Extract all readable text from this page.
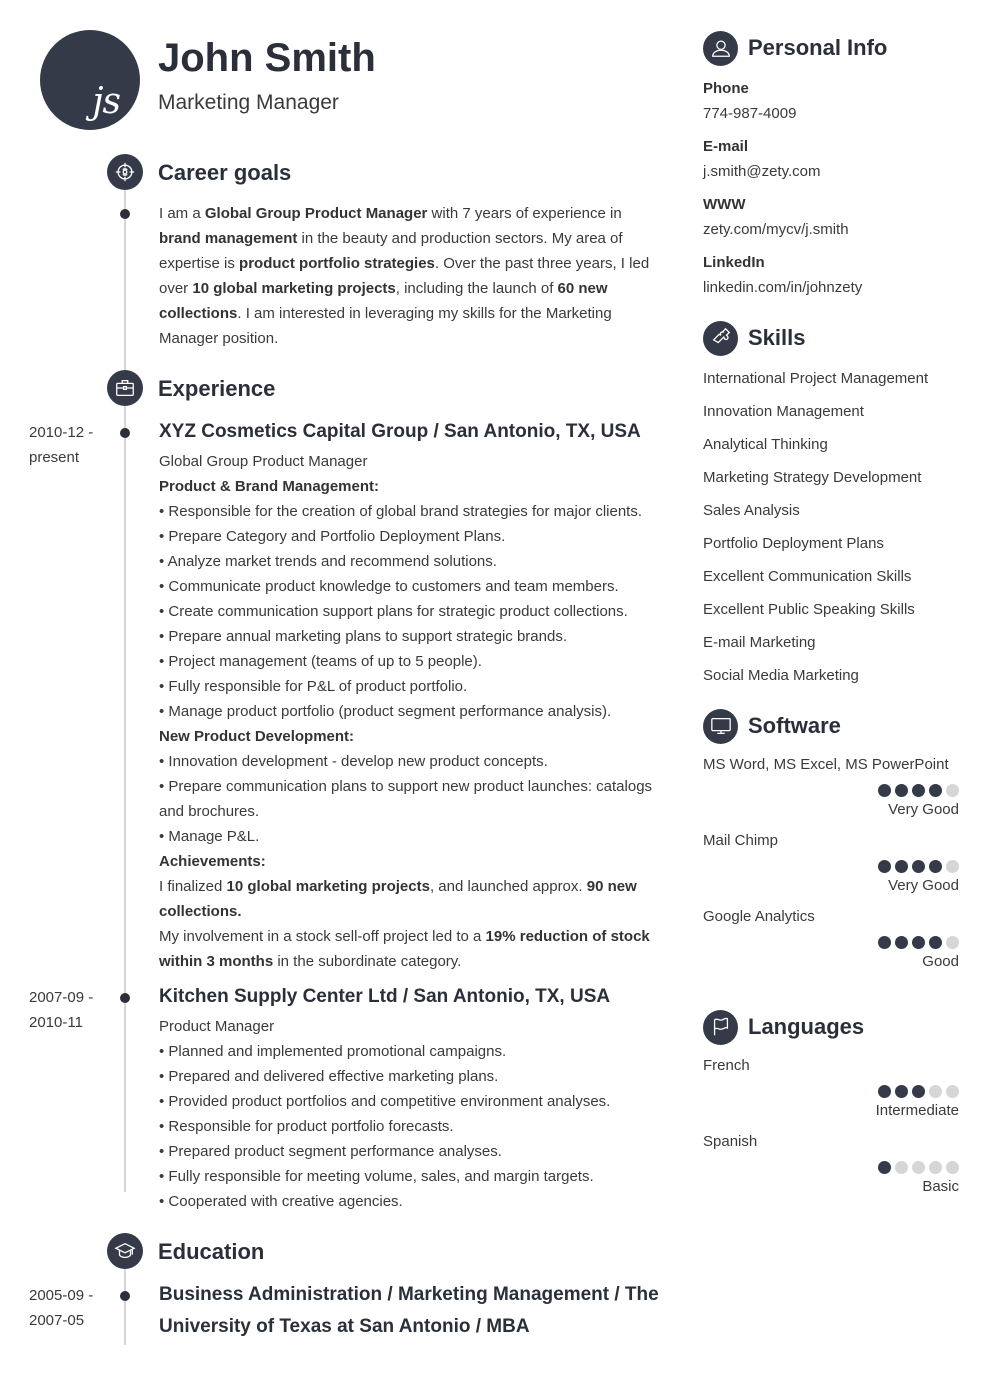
js
John Smith
Marketing Manager
Career goals
I am a Global Group Product Manager with 7 years of experience in brand management in the beauty and production sectors. My area of expertise is product portfolio strategies. Over the past three years, I led over 10 global marketing projects, including the launch of 60 new collections. I am interested in leveraging my skills for the Marketing Manager position.
Experience
2010-12 -
present
XYZ Cosmetics Capital Group / San Antonio, TX, USA
Global Group Product Manager
Product & Brand Management:
• Responsible for the creation of global brand strategies for major clients.
• Prepare Category and Portfolio Deployment Plans.
• Analyze market trends and recommend solutions.
• Communicate product knowledge to customers and team members.
• Create communication support plans for strategic product collections.
• Prepare annual marketing plans to support strategic brands.
• Project management (teams of up to 5 people).
• Fully responsible for P&L of product portfolio.
• Manage product portfolio (product segment performance analysis).
New Product Development:
• Innovation development - develop new product concepts.
• Prepare communication plans to support new product launches: catalogs and brochures.
• Manage P&L.
Achievements:
I finalized 10 global marketing projects, and launched approx. 90 new collections.
My involvement in a stock sell-off project led to a 19% reduction of stock within 3 months in the subordinate category.
2007-09 -
2010-11
Kitchen Supply Center Ltd / San Antonio, TX, USA
Product Manager
• Planned and implemented promotional campaigns.
• Prepared and delivered effective marketing plans.
• Provided product portfolios and competitive environment analyses.
• Responsible for product portfolio forecasts.
• Prepared product segment performance analyses.
• Fully responsible for meeting volume, sales, and margin targets.
• Cooperated with creative agencies.
Education
2005-09 -
2007-05
Business Administration / Marketing Management / The University of Texas at San Antonio / MBA
Personal Info
Phone
774-987-4009
E-mail
j.smith@zety.com
WWW
zety.com/mycv/j.smith
LinkedIn
linkedin.com/in/johnzety
Skills
International Project Management
Innovation Management
Analytical Thinking
Marketing Strategy Development
Sales Analysis
Portfolio Deployment Plans
Excellent Communication Skills
Excellent Public Speaking Skills
E-mail Marketing
Social Media Marketing
Software
MS Word, MS Excel, MS PowerPoint
Very Good
Mail Chimp
Very Good
Google Analytics
Good
Languages
French
Intermediate
Spanish
Basic
